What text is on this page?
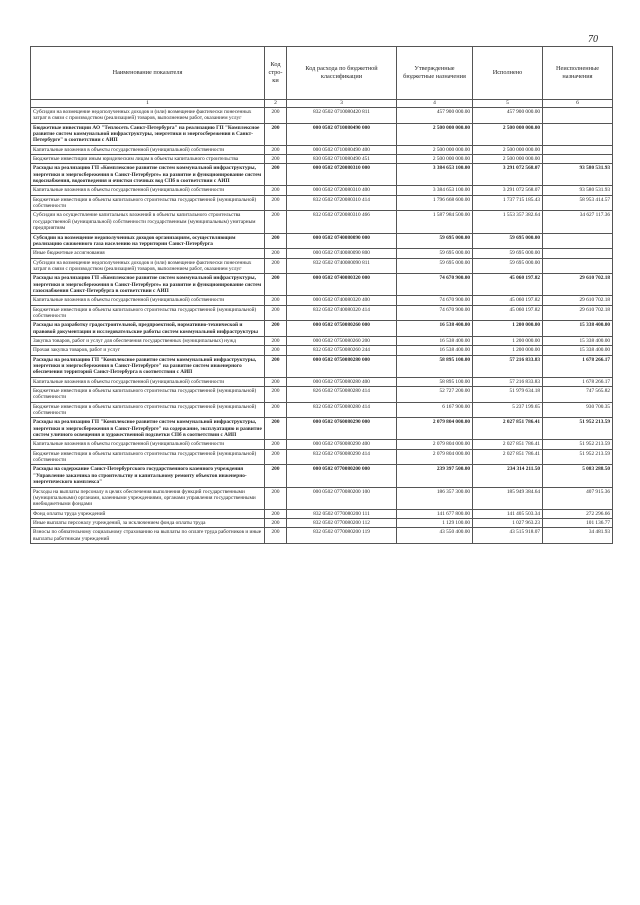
70
Наименование показателя	Код стро-ки	Код расхода по бюджетной классификации	Утвержденные бюджетные назначения	Исполнено	Неисполненные назначения
1	2	3	4	5	6
Субсидии на возмещение недополученных доходов и (или) возмещение фактически понесенных затрат в связи с производством (реализацией) товаров, выполнением работ, оказанием услуг	200	832 0502 0710080420 811	457 900 000.00	457 900 000.00	
Бюджетные инвестиции АО "Теплосеть Санкт-Петербурга" на реализацию ГП "Комплексное развитие систем коммунальной инфраструктуры, энергетики и энергосбережения в Санкт-Петербурге" в соответствии с АИП	200	000 0502 0710080490 000	2 500 000 000.00	2 500 000 000.00	
Капитальные вложения в объекты государственной (муниципальной) собственности	200	000 0502 0710080490 400	2 500 000 000.00	2 500 000 000.00	
Бюджетные инвестиции иным юридическим лицам в объекты капитального строительства	200	830 0502 0710080490 451	2 500 000 000.00	2 500 000 000.00	
Расходы на реализацию ГП «Комплексное развитие систем коммунальной инфраструктуры, энергетики и энергосбережения в Санкт-Петербурге» на развитие и функционирование систем водоснабжения, водоотведения и очистки сточных вод СПб в соответствии с АИП	200	000 0502 0720080310 000	3 384 653 100.00	3 291 072 568.07	93 580 531.93
Капитальные вложения в объекты государственной (муниципальной) собственности	200	000 0502 0720080310 400	3 384 653 100.00	3 291 072 568.07	93 580 531.93
Бюджетные инвестиции в объекты капитального строительства государственной (муниципальной) собственности	200	832 0502 0720080310 414	1 796 668 600.00	1 737 715 185.43	58 953 414.57
Субсидии на осуществление капитальных вложений в объекты капитального строительства государственной (муниципальной) собственности государственным (муниципальным) унитарным предприятиям	200	832 0502 0720080310 466	1 587 984 500.00	1 553 357 382.64	34 627 117.36
Субсидии на возмещение недополученных доходов организациям, осуществляющим реализацию сжиженного газа населению на территории Санкт-Петербурга	200	000 0502 0740080090 000	59 695 000.00	59 695 000.00	
Иные бюджетные ассигнования	200	000 0502 0740080090 800	59 695 000.00	59 695 000.00	
Субсидии на возмещение недополученных доходов и (или) возмещение фактически понесенных затрат в связи с производством (реализацией) товаров, выполнением работ, оказанием услуг	200	832 0502 0740080090 811	59 695 000.00	59 695 000.00	
Расходы на реализацию ГП «Комплексное развитие систем коммунальной инфраструктуры, энергетики и энергосбережения в Санкт-Петербурге» на развитие и функционирование систем газоснабжения Санкт-Петербурга в соответствии с АИП	200	000 0502 0740080320 000	74 670 900.00	45 060 197.82	29 610 702.18
Капитальные вложения в объекты государственной (муниципальной) собственности	200	000 0502 0740080320 400	74 670 900.00	45 060 197.82	29 610 702.18
Бюджетные инвестиции в объекты капитального строительства государственной (муниципальной) собственности	200	832 0502 0740080320 414	74 670 900.00	45 060 197.82	29 610 702.18
Расходы на разработку градостроительной, предпроектной, нормативно-технической и правовой документации и исследовательские работы систем коммунальной инфраструктуры	200	000 0502 0750080260 000	16 538 400.00	1 200 000.00	15 338 400.00
Закупка товаров, работ и услуг для обеспечения государственных (муниципальных) нужд	200	000 0502 0750080260 200	16 538 400.00	1 200 000.00	15 338 400.00
Прочая закупка товаров, работ и услуг	200	832 0502 0750080260 244	16 538 400.00	1 200 000.00	15 338 400.00
Расходы на реализацию ГП "Комплексное развитие систем коммунальной инфраструктуры, энергетики и энергосбережения в Санкт-Петербурге" на развитие систем инженерного обеспечения территорий Санкт-Петербурга в соответствии с АИП	200	000 0502 0750080280 000	58 895 100.00	57 216 833.83	1 678 266.17
Капитальные вложения в объекты государственной (муниципальной) собственности	200	000 0502 0750080280 400	58 895 100.00	57 216 833.83	1 678 266.17
Бюджетные инвестиции в объекты капитального строительства государственной (муниципальной) собственности	200	826 0502 0750080280 414	52 727 200.00	51 979 634.18	747 565.82
Бюджетные инвестиции в объекты капитального строительства государственной (муниципальной) собственности	200	832 0502 0750080280 414	6 167 900.00	5 237 199.65	930 700.35
Расходы на реализацию ГП "Комплексное развитие систем коммунальной инфраструктуры, энергетики и энергосбережения в Санкт-Петербурге" на содержание, эксплуатацию и развитие систем уличного освещения и художественной подсветки СПб в соответствии с АИП	200	000 0502 0760080290 000	2 079 804 000.00	2 027 851 786.41	51 952 213.59
Капитальные вложения в объекты государственной (муниципальной) собственности	200	000 0502 0760080290 400	2 079 804 000.00	2 027 851 786.41	51 952 213.59
Бюджетные инвестиции в объекты капитального строительства государственной (муниципальной) собственности	200	832 0502 0760080290 414	2 079 804 000.00	2 027 851 786.41	51 952 213.59
Расходы на содержание Санкт-Петербургского государственного казенного учреждения "Управление заказчика по строительству и капитальному ремонту объектов инженерно-энергетического комплекса"	200	000 0502 0770080200 000	239 397 500.00	234 314 211.50	5 083 288.50
Расходы на выплаты персоналу в целях обеспечения выполнения функций государственными (муниципальными) органами, казенными учреждениями, органами управления государственными внебюджетными фондами	200	000 0502 0770080200 100	186 357 300.00	185 949 384.64	407 915.36
Фонд оплаты труда учреждений	200	832 0502 0770080200 111	141 677 800.00	141 405 503.34	272 296.66
Иные выплаты персоналу учреждений, за исключением фонда оплаты труда	200	832 0502 0770080200 112	1 129 100.00	1 027 963.23	101 136.77
Взносы по обязательному социальному страхованию на выплаты по оплате труда работников и иные выплаты работникам учреждений	200	832 0502 0770080200 119	43 550 400.00	43 515 918.07	34 481.93
